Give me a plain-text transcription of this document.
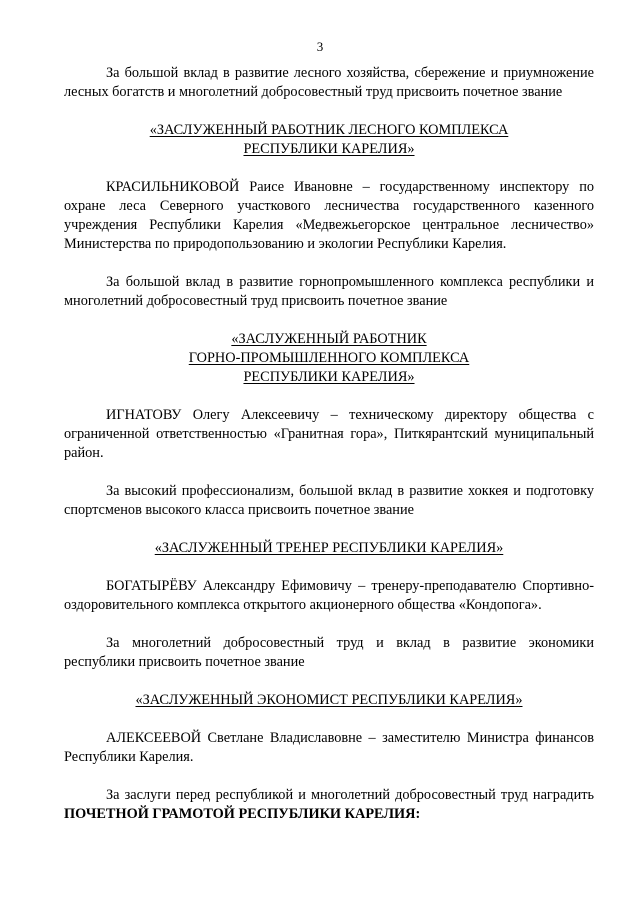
3

За большой вклад в развитие лесного хозяйства, сбережение и приумножение лесных богатств и многолетний добросовестный труд присвоить почетное звание

«ЗАСЛУЖЕННЫЙ РАБОТНИК ЛЕСНОГО КОМПЛЕКСА
РЕСПУБЛИКИ КАРЕЛИЯ»

КРАСИЛЬНИКОВОЙ Раисе Ивановне – государственному инспектору по охране леса Северного участкового лесничества государственного казенного учреждения Республики Карелия «Медвежьегорское центральное лесничество» Министерства по природопользованию и экологии Республики Карелия.

За большой вклад в развитие горнопромышленного комплекса республики и многолетний добросовестный труд присвоить почетное звание

«ЗАСЛУЖЕННЫЙ РАБОТНИК
ГОРНО-ПРОМЫШЛЕННОГО КОМПЛЕКСА
РЕСПУБЛИКИ КАРЕЛИЯ»

ИГНАТОВУ Олегу Алексеевичу – техническому директору общества с ограниченной ответственностью «Гранитная гора», Питкярантский муниципальный район.

За высокий профессионализм, большой вклад в развитие хоккея и подготовку спортсменов высокого класса присвоить почетное звание

«ЗАСЛУЖЕННЫЙ ТРЕНЕР РЕСПУБЛИКИ КАРЕЛИЯ»

БОГАТЫРЁВУ Александру Ефимовичу – тренеру-преподавателю Спортивно-оздоровительного комплекса открытого акционерного общества «Кондопога».

За многолетний добросовестный труд и вклад в развитие экономики республики присвоить почетное звание

«ЗАСЛУЖЕННЫЙ ЭКОНОМИСТ РЕСПУБЛИКИ КАРЕЛИЯ»

АЛЕКСЕЕВОЙ Светлане Владиславовне – заместителю Министра финансов Республики Карелия.

За заслуги перед республикой и многолетний добросовестный труд наградить ПОЧЕТНОЙ ГРАМОТОЙ РЕСПУБЛИКИ КАРЕЛИЯ:
